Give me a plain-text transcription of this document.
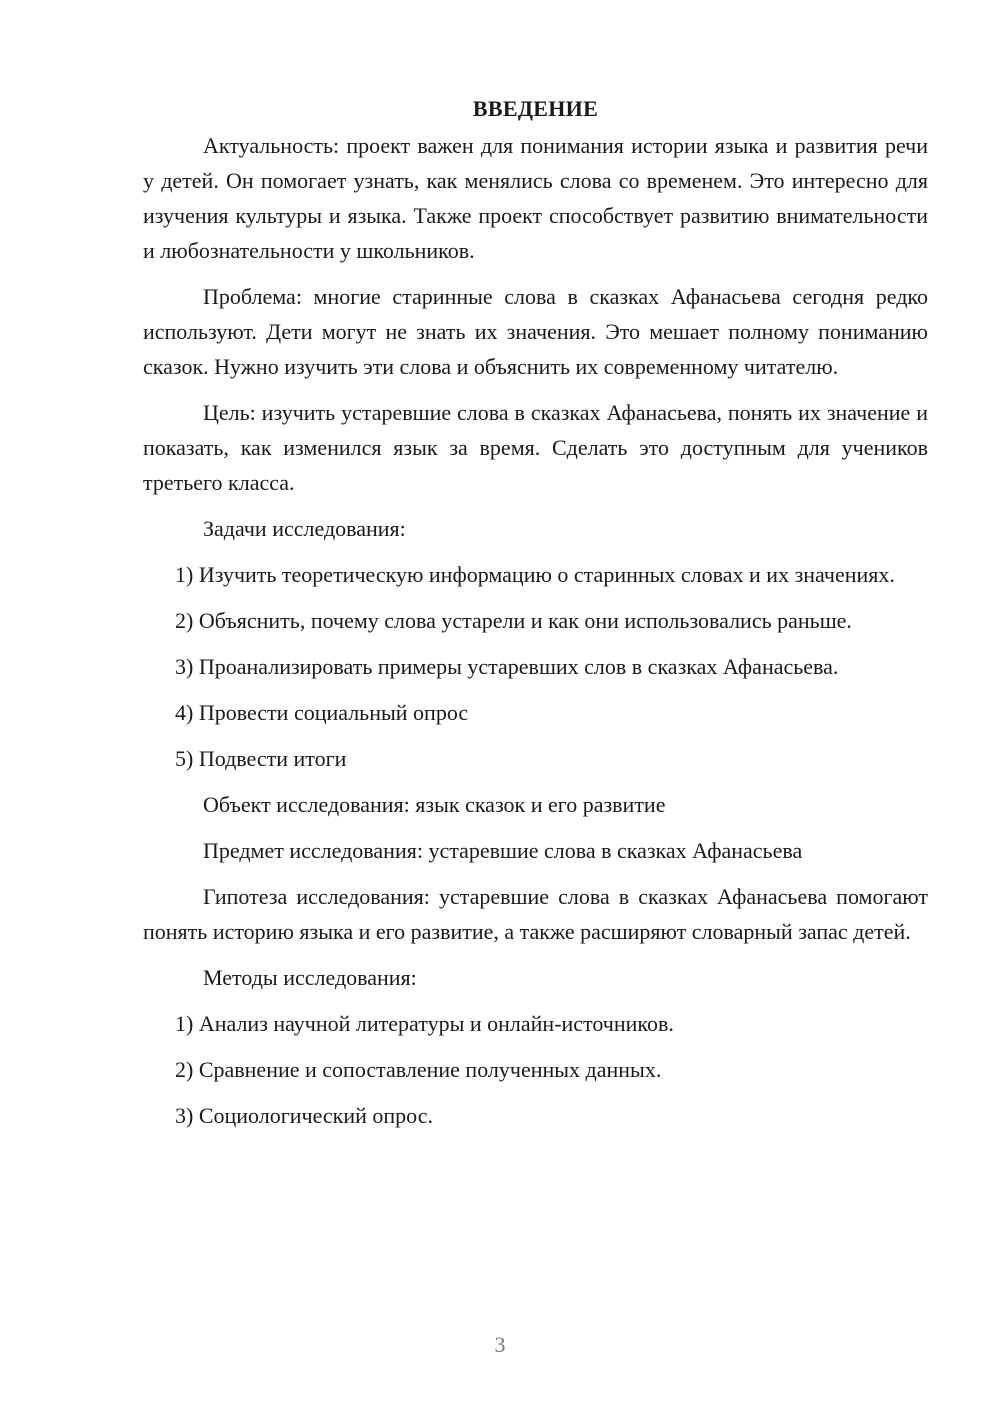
ВВЕДЕНИЕ

Актуальность: проект важен для понимания истории языка и развития речи у детей. Он помогает узнать, как менялись слова со временем. Это интересно для изучения культуры и языка. Также проект способствует развитию внимательности и любознательности у школьников.

Проблема: многие старинные слова в сказках Афанасьева сегодня редко используют. Дети могут не знать их значения. Это мешает полному пониманию сказок. Нужно изучить эти слова и объяснить их современному читателю.

Цель: изучить устаревшие слова в сказках Афанасьева, понять их значение и показать, как изменился язык за время. Сделать это доступным для учеников третьего класса.

Задачи исследования:

1) Изучить теоретическую информацию о старинных словах и их значениях.

2) Объяснить, почему слова устарели и как они использовались раньше.

3) Проанализировать примеры устаревших слов в сказках Афанасьева.

4) Провести социальный опрос

5) Подвести итоги

Объект исследования: язык сказок и его развитие

Предмет исследования: устаревшие слова в сказках Афанасьева

Гипотеза исследования: устаревшие слова в сказках Афанасьева помогают понять историю языка и его развитие, а также расширяют словарный запас детей.

Методы исследования:

1) Анализ научной литературы и онлайн-источников.

2) Сравнение и сопоставление полученных данных.

3) Социологический опрос.

3
